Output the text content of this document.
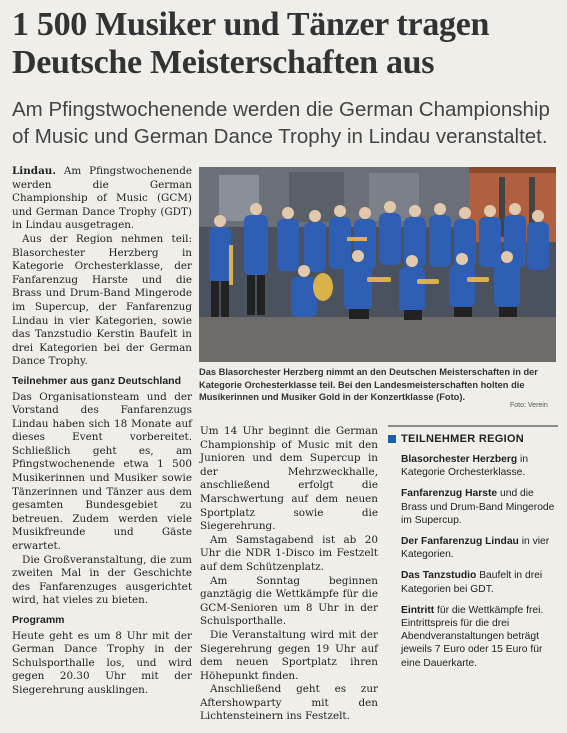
1 500 Musiker und Tänzer tragen Deutsche Meisterschaften aus

Am Pfingstwochenende werden die German Championship of Music und German Dance Trophy in Lindau veranstaltet.

Lindau. Am Pfingstwochenende werden die German Championship of Music (GCM) und German Dance Trophy (GDT) in Lindau ausgetragen.

Aus der Region nehmen teil: Blasorchester Herzberg in Kategorie Orchesterklasse, der Fanfarenzug Harste und die Brass und Drum-Band Mingerode im Supercup, der Fanfarenzug Lindau in vier Kategorien, sowie das Tanzstudio Kerstin Baufelt in drei Kategorien bei der German Dance Trophy.

Teilnehmer aus ganz Deutschland

Das Organisationsteam und der Vorstand des Fanfarenzugs Lindau haben sich 18 Monate auf dieses Event vorbereitet. Schließlich geht es, am Pfingstwochenende etwa 1 500 Musikerinnen und Musiker sowie Tänzerinnen und Tänzer aus dem gesamten Bundesgebiet zu betreuen. Zudem werden viele Musikfreunde und Gäste erwartet.

Die Großveranstaltung, die zum zweiten Mal in der Geschichte des Fanfarenzuges ausgerichtet wird, hat vieles zu bieten.

Programm

Heute geht es um 8 Uhr mit der German Dance Trophy in der Schulsporthalle los, und wird gegen 20.30 Uhr mit der Siegerehrung ausklingen.

Das Blasorchester Herzberg nimmt an den Deutschen Meisterschaften in der Kategorie Orchesterklasse teil. Bei den Landesmeisterschaften holten die Musikerinnen und Musiker Gold in der Konzertklasse (Foto).

Foto: Verein

Um 14 Uhr beginnt die German Championship of Music mit den Junioren und dem Supercup in der Mehrzweckhalle, anschließend erfolgt die Marschwertung auf dem neuen Sportplatz sowie die Siegerehrung.

Am Samstagabend ist ab 20 Uhr die NDR 1-Disco im Festzelt auf dem Schützenplatz.

Am Sonntag beginnen ganztägig die Wettkämpfe für die GCM-Senioren um 8 Uhr in der Schulsporthalle.

Die Veranstaltung wird mit der Siegerehrung gegen 19 Uhr auf dem neuen Sportplatz ihren Höhepunkt finden.

Anschließend geht es zur Aftershowparty mit den Lichtensteinern ins Festzelt.

TEILNEHMER REGION
Blasorchester Herzberg in Kategorie Orchesterklasse.
Fanfarenzug Harste und die Brass und Drum-Band Mingerode im Supercup.
Der Fanfarenzug Lindau in vier Kategorien.
Das Tanzstudio Baufelt in drei Kategorien bei GDT.
Eintritt für die Wettkämpfe frei. Eintrittspreis für die drei Abendveranstaltungen beträgt jeweils 7 Euro oder 15 Euro für eine Dauerkarte.
